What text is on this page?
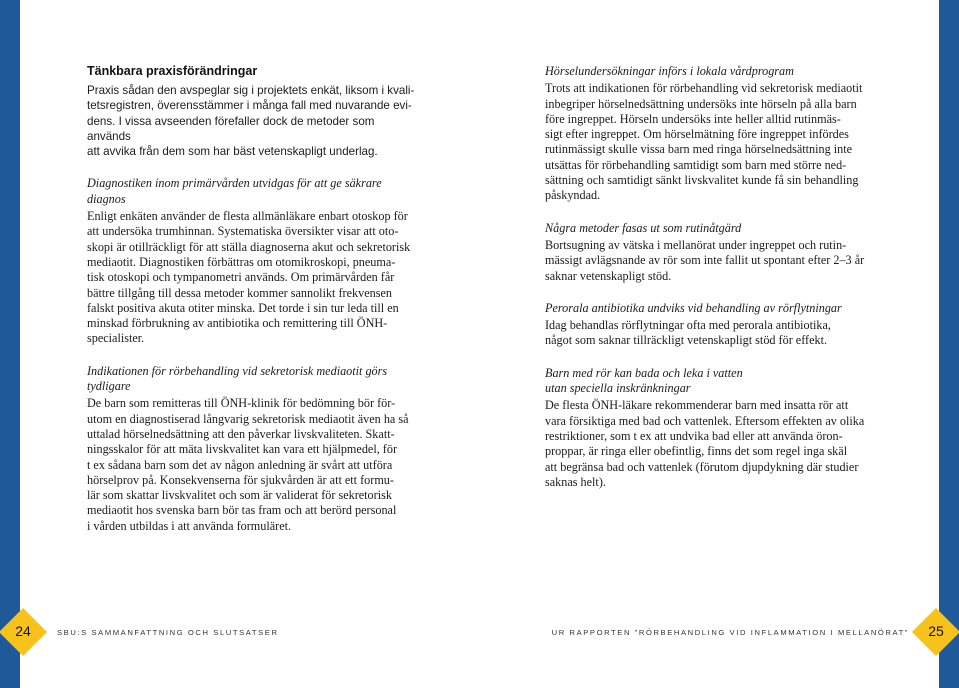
Tänkbara praxisförändringar

Praxis sådan den avspeglar sig i projektets enkät, liksom i kvali-
tetsregistren, överensstämmer i många fall med nuvarande evi-
dens. I vissa avseenden förefaller dock de metoder som används
att avvika från dem som har bäst vetenskapligt underlag.

Diagnostiken inom primärvården utvidgas för att ge säkrare diagnos

Enligt enkäten använder de flesta allmänläkare enbart otoskop för
att undersöka trumhinnan. Systematiska översikter visar att oto-
skopi är otillräckligt för att ställa diagnoserna akut och sekretorisk
mediaotit. Diagnostiken förbättras om otomikroskopi, pneuma-
tisk otoskopi och tympanometri används. Om primärvården får
bättre tillgång till dessa metoder kommer sannolikt frekvensen
falskt positiva akuta otiter minska. Det torde i sin tur leda till en
minskad förbrukning av antibiotika och remittering till ÖNH-
specialister.

Indikationen för rörbehandling vid sekretorisk mediaotit görs tydligare

De barn som remitteras till ÖNH-klinik för bedömning bör för-
utom en diagnostiserad långvarig sekretorisk mediaotit även ha så
uttalad hörselnedsättning att den påverkar livskvaliteten. Skatt-
ningsskalor för att mäta livskvalitet kan vara ett hjälpmedel, för
t ex sådana barn som det av någon anledning är svårt att utföra
hörselprov på. Konsekvenserna för sjukvården är att ett formu-
lär som skattar livskvalitet och som är validerat för sekretorisk
mediaotit hos svenska barn bör tas fram och att berörd personal
i vården utbildas i att använda formuläret.

Hörselundersökningar införs i lokala vårdprogram

Trots att indikationen för rörbehandling vid sekretorisk mediaotit
inbegriper hörselnedsättning undersöks inte hörseln på alla barn
före ingreppet. Hörseln undersöks inte heller alltid rutinmäs-
sigt efter ingreppet. Om hörselmätning före ingreppet infördes
rutinmässigt skulle vissa barn med ringa hörselnedsättning inte
utsättas för rörbehandling samtidigt som barn med större ned-
sättning och samtidigt sänkt livskvalitet kunde få sin behandling
påskyndad.

Några metoder fasas ut som rutinåtgärd

Bortsugning av vätska i mellanörat under ingreppet och rutin-
mässigt avlägsnande av rör som inte fallit ut spontant efter 2–3 år
saknar vetenskapligt stöd.

Perorala antibiotika undviks vid behandling av rörflytningar

Idag behandlas rörflytningar ofta med perorala antibiotika,
något som saknar tillräckligt vetenskapligt stöd för effekt.

Barn med rör kan bada och leka i vatten
utan speciella inskränkningar

De flesta ÖNH-läkare rekommenderar barn med insatta rör att
vara försiktiga med bad och vattenlek. Eftersom effekten av olika
restriktioner, som t ex att undvika bad eller att använda öron-
proppar, är ringa eller obefintlig, finns det som regel inga skäl
att begränsa bad och vattenlek (förutom djupdykning där studier
saknas helt).

24	SBU:S SAMMANFATTNING OCH SLUTSATSER	UR RAPPORTEN ”RÖRBEHANDLING VID INFLAMMATION I MELLANÖRAT”	25
